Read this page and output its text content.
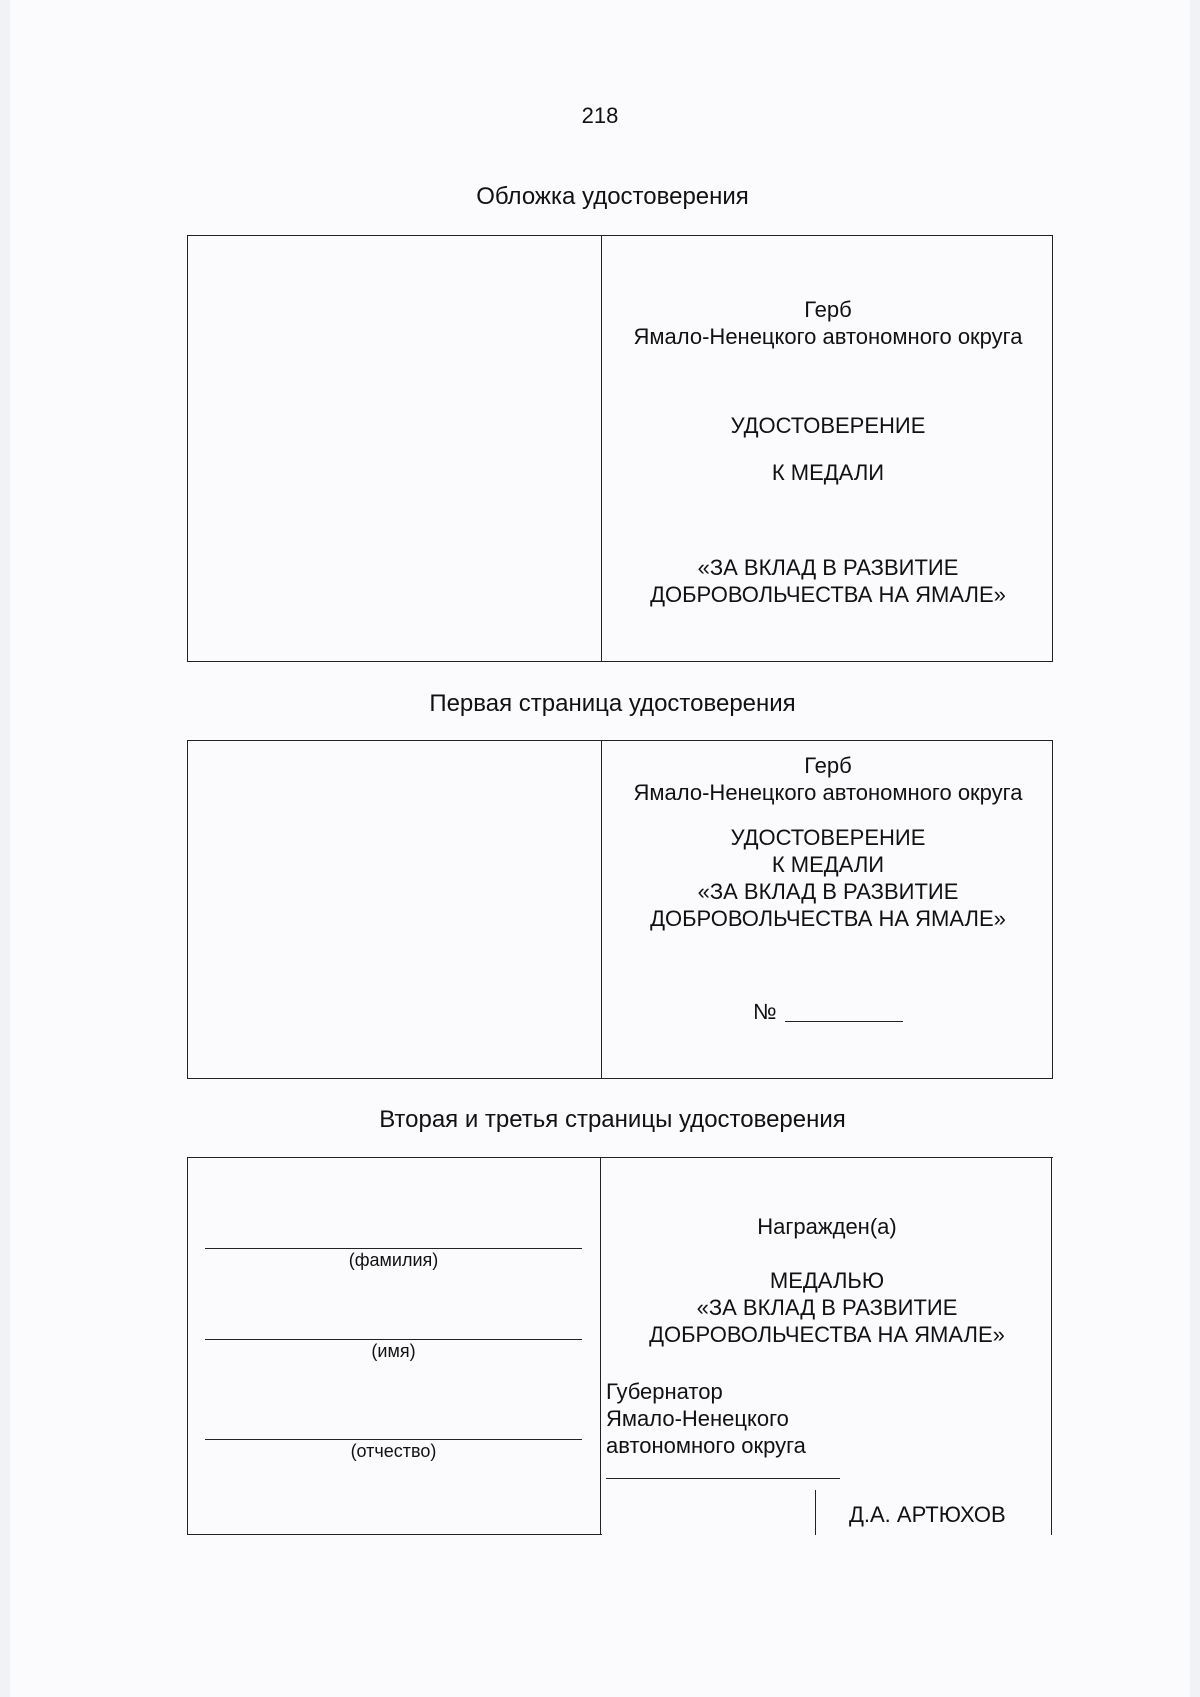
218
Обложка удостоверения
Герб
Ямало-Ненецкого автономного округа
УДОСТОВЕРЕНИЕ
К МЕДАЛИ
«ЗА ВКЛАД В РАЗВИТИЕ
ДОБРОВОЛЬЧЕСТВА НА ЯМАЛЕ»
Первая страница удостоверения
Герб
Ямало-Ненецкого автономного округа
УДОСТОВЕРЕНИЕ
К МЕДАЛИ
«ЗА ВКЛАД В РАЗВИТИЕ
ДОБРОВОЛЬЧЕСТВА НА ЯМАЛЕ»
№
Вторая и третья страницы удостоверения
(фамилия)
(имя)
(отчество)
Награжден(а)
МЕДАЛЬЮ
«ЗА ВКЛАД В РАЗВИТИЕ
ДОБРОВОЛЬЧЕСТВА НА ЯМАЛЕ»
Губернатор
Ямало-Ненецкого
автономного округа
Д.А. АРТЮХОВ
